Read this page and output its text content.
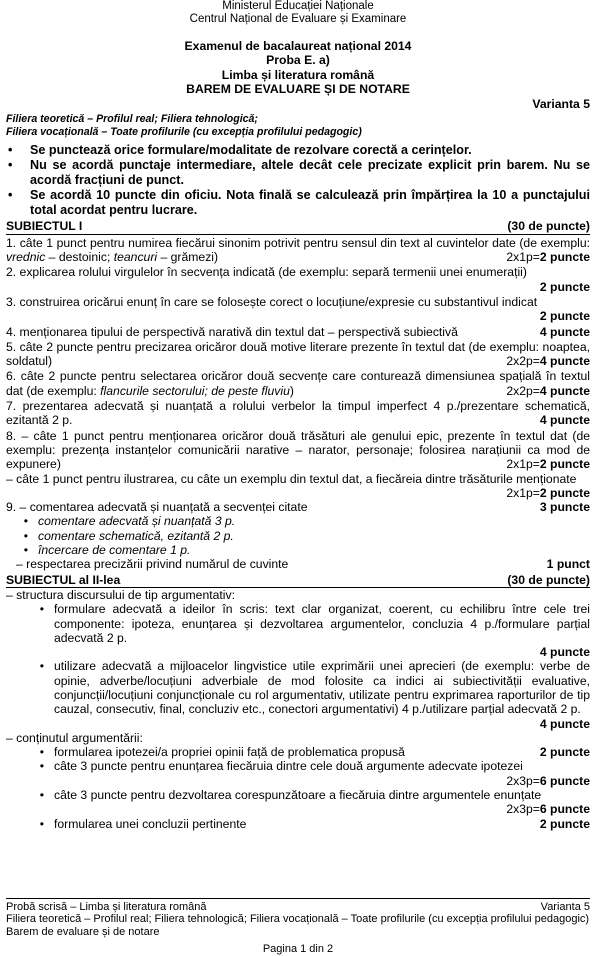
Ministerul Educației Naționale
Centrul Național de Evaluare și Examinare
Examenul de bacalaureat național 2014
Proba E. a)
Limba și literatura română
BAREM DE EVALUARE ȘI DE NOTARE
Varianta 5
Filiera teoretică – Profilul real; Filiera tehnologică;
Filiera vocațională – Toate profilurile (cu excepția profilului pedagogic)
•	Se punctează orice formulare/modalitate de rezolvare corectă a cerințelor.
•	Nu se acordă punctaje intermediare, altele decât cele precizate explicit prin barem. Nu se acordă fracțiuni de punct.
•	Se acordă 10 puncte din oficiu. Nota finală se calculează prin împărțirea la 10 a punctajului total acordat pentru lucrare.
SUBIECTUL I	(30 de puncte)
1. câte 1 punct pentru numirea fiecărui sinonim potrivit pentru sensul din text al cuvintelor date (de exemplu: vrednic – destoinic; teancuri – grămezi)	2x1p=2 puncte
2. explicarea rolului virgulelor în secvența indicată (de exemplu: separă termenii unei enumerații)
2 puncte
3. construirea oricărui enunț în care se folosește corect o locuțiune/expresie cu substantivul indicat
2 puncte
4. menționarea tipului de perspectivă narativă din textul dat – perspectivă subiectivă	4 puncte
5. câte 2 puncte pentru precizarea oricăror două motive literare prezente în textul dat (de exemplu: noaptea, soldatul)	2x2p=4 puncte
6. câte 2 puncte pentru selectarea oricăror două secvențe care conturează dimensiunea spațială în textul dat (de exemplu: flancurile sectorului; de peste fluviu)	2x2p=4 puncte
7. prezentarea adecvată și nuanțată a rolului verbelor la timpul imperfect 4 p./prezentare schematică, ezitantă 2 p.	4 puncte
8. – câte 1 punct pentru menționarea oricăror două trăsături ale genului epic, prezente în textul dat (de exemplu: prezența instanțelor comunicării narative – narator, personaje; folosirea narațiunii ca mod de expunere)	2x1p=2 puncte
– câte 1 punct pentru ilustrarea, cu câte un exemplu din textul dat, a fiecăreia dintre trăsăturile menționate
2x1p=2 puncte
9. – comentarea adecvată și nuanțată a secvenței citate	3 puncte
• comentare adecvată și nuanțată 3 p.
• comentare schematică, ezitantă 2 p.
• încercare de comentare 1 p.
– respectarea precizării privind numărul de cuvinte	1 punct
SUBIECTUL al II-lea	(30 de puncte)
– structura discursului de tip argumentativ:
• formulare adecvată a ideilor în scris: text clar organizat, coerent, cu echilibru între cele trei componente: ipoteza, enunțarea și dezvoltarea argumentelor, concluzia 4 p./formulare parțial adecvată 2 p.
4 puncte
• utilizare adecvată a mijloacelor lingvistice utile exprimării unei aprecieri (de exemplu: verbe de opinie, adverbe/locuțiuni adverbiale de mod folosite ca indici ai subiectivității evaluative, conjuncții/locuțiuni conjuncționale cu rol argumentativ, utilizate pentru exprimarea raporturilor de tip cauzal, consecutiv, final, concluziv etc., conectori argumentativi) 4 p./utilizare parțial adecvată 2 p.
4 puncte
– conținutul argumentării:
• formularea ipotezei/a propriei opinii față de problematica propusă	2 puncte
• câte 3 puncte pentru enunțarea fiecăruia dintre cele două argumente adecvate ipotezei
2x3p=6 puncte
• câte 3 puncte pentru dezvoltarea corespunzătoare a fiecăruia dintre argumentele enunțate
2x3p=6 puncte
• formularea unei concluzii pertinente	2 puncte
Probă scrisă – Limba și literatura română	Varianta 5
Filiera teoretică – Profilul real; Filiera tehnologică; Filiera vocațională – Toate profilurile (cu excepția profilului pedagogic)
Barem de evaluare și de notare
Pagina 1 din 2
